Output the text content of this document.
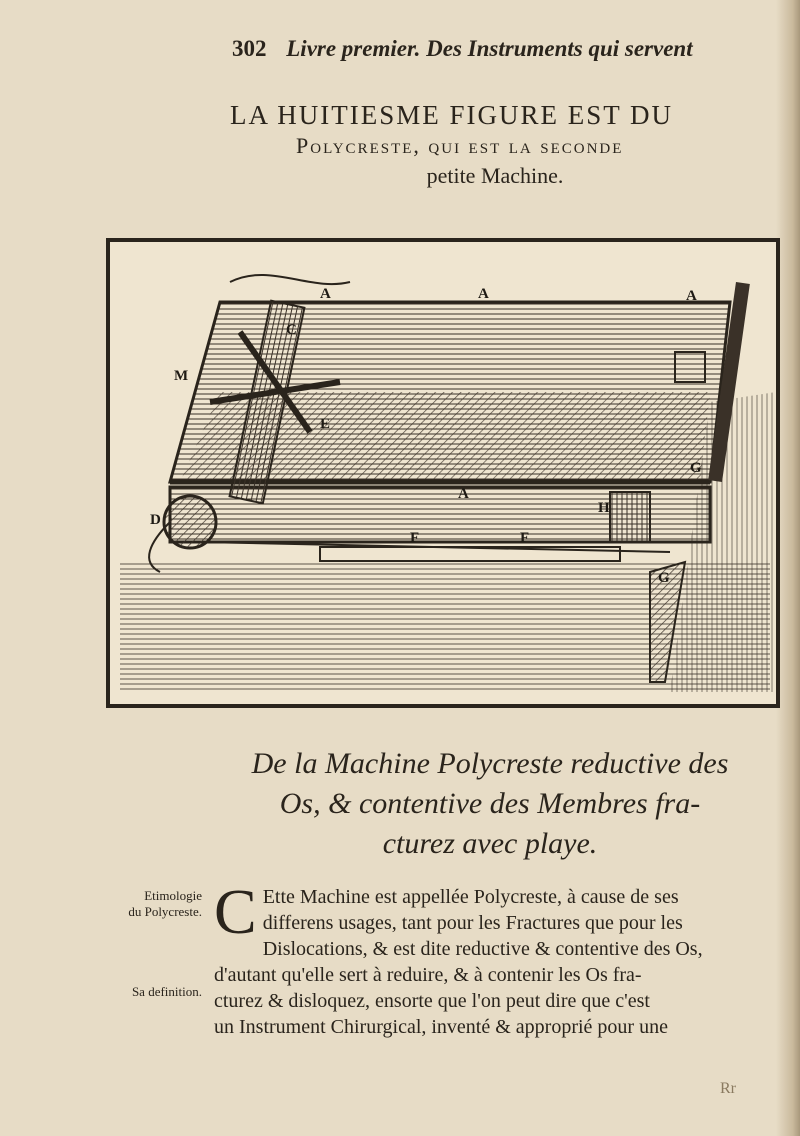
302 Livre premier. Des Instruments qui servent
LA HUITIESME FIGURE EST DU
Polycreste, qui est la seconde
petite Machine.
A	A	A
C
M
E
A
H
D
F	F
G
G
De la Machine Polycreste reductive des
Os, & contentive des Membres fra-
cturez avec playe.
Etimologie
du Polycreste.
Sa definition.
C Ette Machine est appellée Polycreste, à cause de ses
differens usages, tant pour les Fractures que pour les
Dislocations, & est dite reductive & contentive des Os,
d'autant qu'elle sert à reduire, & à contenir les Os fra-
cturez & disloquez, ensorte que l'on peut dire que c'est
un Instrument Chirurgical, inventé & approprié pour une
Rr
